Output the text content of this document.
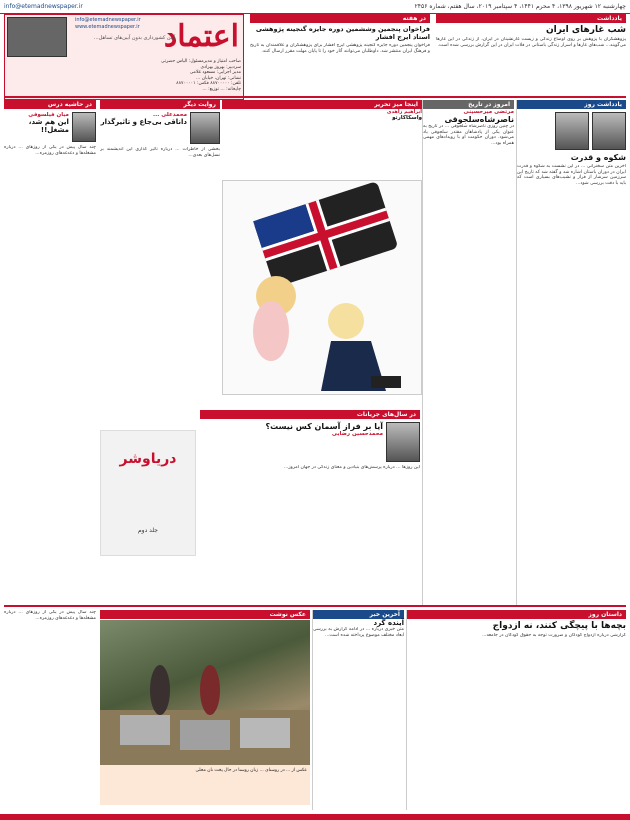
چهارشنبه ۱۲ شهریور ۱۳۹۸، ۴ محرم ۱۴۴۱، ۴ سپتامبر ۲۰۱۹، سال هفتم، شماره ۲۴۵۶
info@etemadnewspaper.ir
اعتماد
info@etemadnewspaper.ir
www.etemadnewspaper.ir
آیین کشورداری بدون آیین‌های تساهل...
صاحب امتیاز و مدیرمسئول: الیاس حضرتی
سردبیر: بهروز بهزادی
مدیر اجرایی: مسعود غلامی
نشانی: تهران، خیابان ...
تلفن: ۸۸۷۰۰۰۰۰ فکس: ۸۸۷۰۰۰۰۱
چاپخانه: ... توزیع: ...
یادداشت
شب غارهای ایران
پژوهشگران با پژوهش بر روی اوضاع زندگی و زیست غارنشینان در ایران، از زندگی در این غارها می‌گویند... شب‌های غارها و اسرار زندگی باستانی در فلات ایران در این گزارش بررسی شده است.
در هفته
فراخوان پنجمین وششمین دوره جایزه گنجینه پژوهشی استاد ایرج افشار
فراخوان پنجمین دوره جایزه گنجینه پژوهشی ایرج افشار برای پژوهشگران و علاقمندان به تاریخ و فرهنگ ایران منتشر شد. داوطلبان می‌توانند آثار خود را تا پایان مهلت مقرر ارسال کنند.
یادداشت روز
شکوه و قدرت
آخرین متن سخنرانی ... در این نشست به شکوه و قدرت ایران در دوران باستان اشاره شد و گفته شد که تاریخ این سرزمین سرشار از فراز و نشیب‌های بسیاری است که باید با دقت بررسی شود...
امروز در تاریخ
مرتضی میرحسینی
ناصرشاه‌سلجوقی
در چنین روزی ناصرشاه سلجوقی ... در تاریخ به عنوان یکی از پادشاهان مقتدر سلجوقی یاد می‌شود. دوران حکومت او با رویدادهای مهمی همراه بود...
اینجا میز تحریر
ابراهیم زاهدی
واسکاکارتو
روایت دیگر
محمدعلی ...
داناقی بی‌جاع و تاثیرگذار
بخشی از خاطرات ... درباره تاثیر گذاری این اندیشمند بر نسل‌های بعدی...
در حاشیه درس
میان فیلسوفی
این هم شد، مشغل!!
چند سال پیش در یکی از روزهای ... درباره مشغله‌ها و دغدغه‌های روزمره...
در سال‌های جریانات
آیا بر فراز آسمان کس نیست؟
محمدحسین رضایی
این روزها ... درباره پرسش‌های بنیادین و معنای زندگی در جهان امروز...
دریاوشر
جلد دوم
داستان روز
بچه‌ها با پیچگی کنند، نه ازدواج
گزارشی درباره ازدواج کودکان و ضرورت توجه به حقوق کودکان در جامعه...
آخرین خبر
آینده گرد
متن خبری درباره ... در ادامه گزارش به بررسی ابعاد مختلف موضوع پرداخته شده است...
عکس نوشت
عکس از ... در روستای ... زنان روستا در حال پخت نان محلی
چند سال پیش در یکی از روزهای ... درباره مشغله‌ها و دغدغه‌های روزمره...
